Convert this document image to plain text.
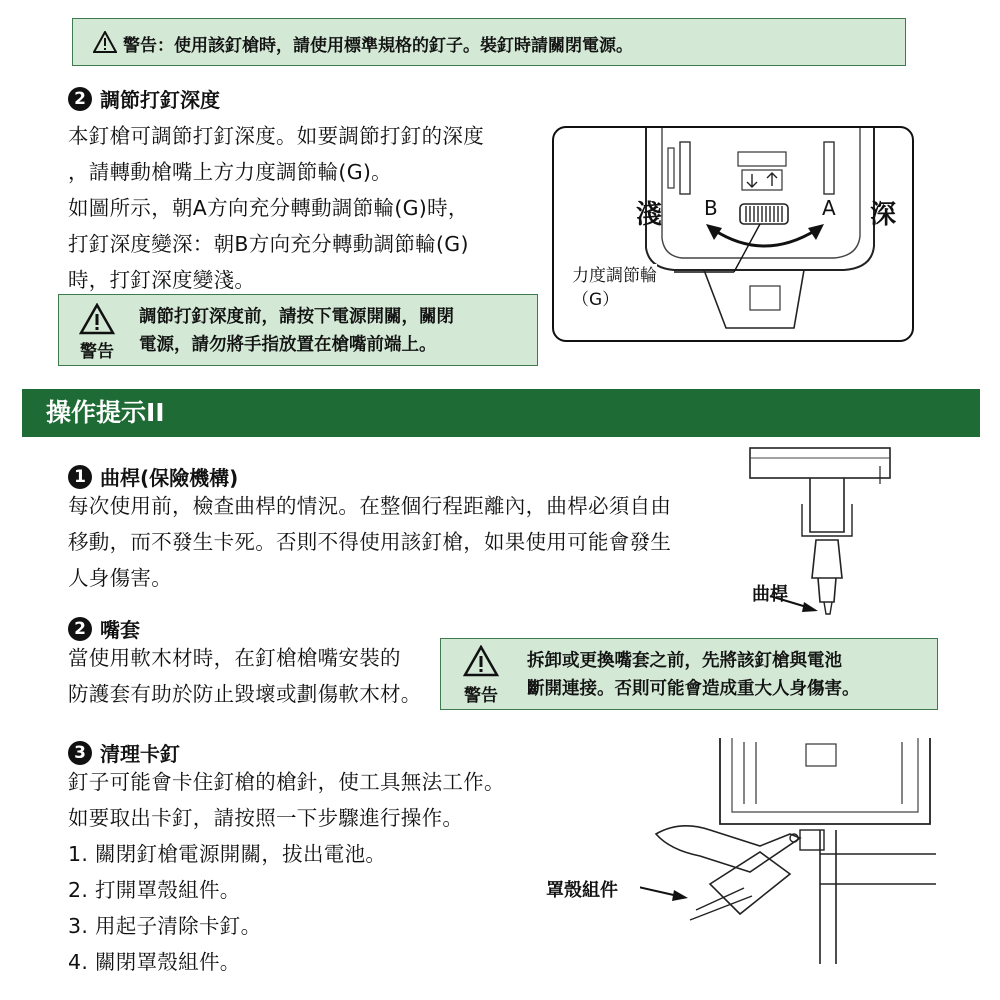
警告：使用該釘槍時，請使用標準規格的釘子。裝釘時請關閉電源。
2 調節打釘深度
本釘槍可調節打釘深度。如要調節打釘的深度
，請轉動槍嘴上方力度調節輪(G)。
如圖所示，朝A方向充分轉動調節輪(G)時，
打釘深度變深：朝B方向充分轉動調節輪(G)
時，打釘深度變淺。
警告
調節打釘深度前，請按下電源開關，關閉
電源，請勿將手指放置在槍嘴前端上。
淺	深
B	A
力度調節輪
（G）
操作提示II
1 曲桿(保險機構)
每次使用前，檢查曲桿的情況。在整個行程距離內，曲桿必須自由
移動，而不發生卡死。否則不得使用該釘槍，如果使用可能會發生
人身傷害。
曲桿
2 嘴套
當使用軟木材時，在釘槍槍嘴安裝的
防護套有助於防止毀壞或劃傷軟木材。 警告
拆卸或更換嘴套之前，先將該釘槍與電池
斷開連接。否則可能會造成重大人身傷害。
3 清理卡釘
釘子可能會卡住釘槍的槍針，使工具無法工作。
如要取出卡釘，請按照一下步驟進行操作。
1. 關閉釘槍電源開關，拔出電池。
2. 打開罩殼組件。
3. 用起子清除卡釘。
4. 關閉罩殼組件。
罩殼組件
